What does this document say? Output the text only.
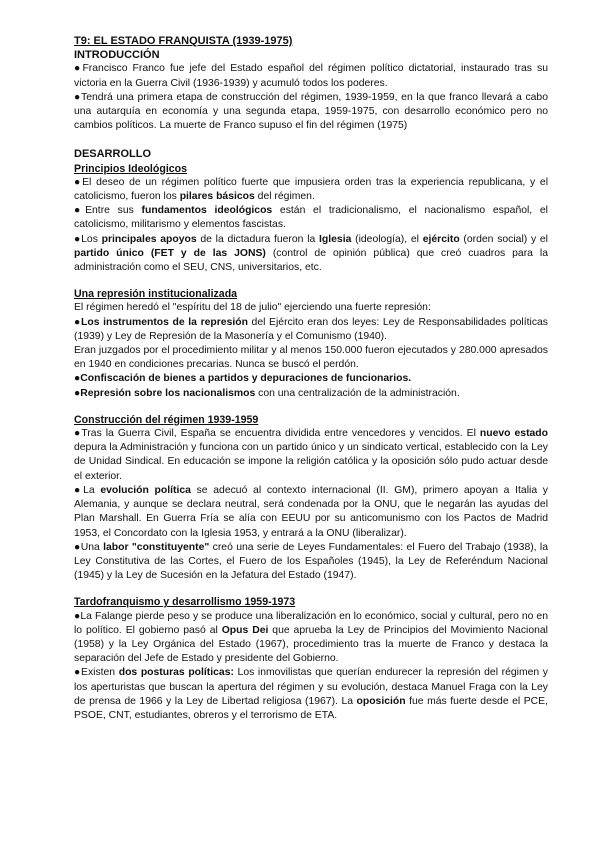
T9: EL ESTADO FRANQUISTA (1939-1975)
INTRODUCCIÓN

●Francisco Franco fue jefe del Estado español del régimen político dictatorial, instaurado tras su victoria en la Guerra Civil (1936-1939) y acumuló todos los poderes.

●Tendrá una primera etapa de construcción del régimen, 1939-1959, en la que franco llevará a cabo una autarquía en economía y una segunda etapa, 1959-1975, con desarrollo económico pero no cambios políticos. La muerte de Franco supuso el fin del régimen (1975)

DESARROLLO
Principios Ideológicos

●El deseo de un régimen político fuerte que impusiera orden tras la experiencia republicana, y el catolicismo, fueron los pilares básicos del régimen.

●Entre sus fundamentos ideológicos están el tradicionalismo, el nacionalismo español, el catolicismo, militarismo y elementos fascistas.

●Los principales apoyos de la dictadura fueron la Iglesia (ideología), el ejército (orden social) y el partido único (FET y de las JONS) (control de opinión pública) que creó cuadros para la administración como el SEU, CNS, universitarios, etc.

Una represión institucionalizada

El régimen heredó el "espíritu del 18 de julio" ejerciendo una fuerte represión:

●Los instrumentos de la represión del Ejército eran dos leyes: Ley de Responsabilidades políticas (1939) y Ley de Represión de la Masonería y el Comunismo (1940).

Eran juzgados por el procedimiento militar y al menos 150.000 fueron ejecutados y 280.000 apresados en 1940 en condiciones precarias. Nunca se buscó el perdón.

●Confiscación de bienes a partidos y depuraciones de funcionarios.

●Represión sobre los nacionalismos con una centralización de la administración.

Construcción del régimen 1939-1959

●Tras la Guerra Civil, España se encuentra dividida entre vencedores y vencidos. El nuevo estado depura la Administración y funciona con un partido único y un sindicato vertical, establecido con la Ley de Unidad Sindical. En educación se impone la religión católica y la oposición sólo pudo actuar desde el exterior.

●La evolución política se adecuó al contexto internacional (II. GM), primero apoyan a Italia y Alemania, y aunque se declara neutral, será condenada por la ONU, que le negarán las ayudas del Plan Marshall. En Guerra Fría se alía con EEUU por su anticomunismo con los Pactos de Madrid 1953, el Concordato con la Iglesia 1953, y entrará a la ONU (liberalizar).

●Una labor "constituyente" creó una serie de Leyes Fundamentales: el Fuero del Trabajo (1938), la Ley Constitutiva de las Cortes, el Fuero de los Españoles (1945), la Ley de Referéndum Nacional (1945) y la Ley de Sucesión en la Jefatura del Estado (1947).

Tardofranquismo y desarrollismo 1959-1973

●La Falange pierde peso y se produce una liberalización en lo económico, social y cultural, pero no en lo político. El gobierno pasó al Opus Dei que aprueba la Ley de Principios del Movimiento Nacional (1958) y la Ley Orgánica del Estado (1967), procedimiento tras la muerte de Franco y destaca la separación del Jefe de Estado y presidente del Gobierno.

●Existen dos posturas políticas: Los inmovilistas que querían endurecer la represión del régimen y los aperturistas que buscan la apertura del régimen y su evolución, destaca Manuel Fraga con la Ley de prensa de 1966 y la Ley de Libertad religiosa (1967). La oposición fue más fuerte desde el PCE, PSOE, CNT, estudiantes, obreros y el terrorismo de ETA.
